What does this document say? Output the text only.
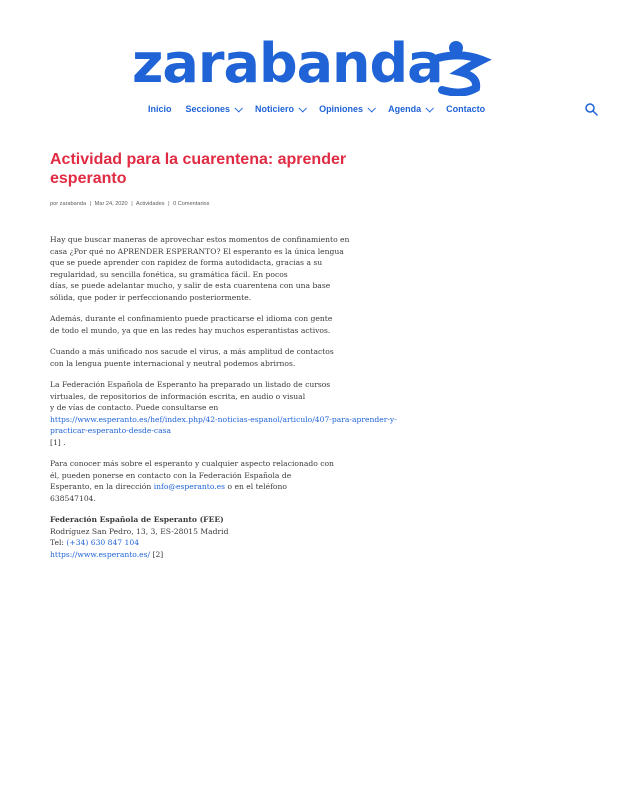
zarabanda
Inicio Secciones	Noticiero	Opiniones	Agenda	Contacto
Actividad para la cuarentena: aprender esperanto
por zarabanda | Mar 24, 2020 | Actividades | 0 Comentarios
Hay que buscar maneras de aprovechar estos momentos de confinamiento en
casa ¿Por qué no APRENDER ESPERANTO? El esperanto es la única lengua
que se puede aprender con rapidez de forma autodidacta, gracias a su
regularidad, su sencilla fonética, su gramática fácil. En pocos
días, se puede adelantar mucho, y salir de esta cuarentena con una base
sólida, que poder ir perfeccionando posteriormente.
Además, durante el confinamiento puede practicarse el idioma con gente
de todo el mundo, ya que en las redes hay muchos esperantistas activos.
Cuando a más unificado nos sacude el virus, a más amplitud de contactos
con la lengua puente internacional y neutral podemos abrirnos.
La Federación Española de Esperanto ha preparado un listado de cursos
virtuales, de repositorios de información escrita, en audio o visual
y de vías de contacto. Puede consultarse en
https://www.esperanto.es/hef/index.php/42-noticias-espanol/articulo/407-para-aprender-y-
practicar-esperanto-desde-casa
[1] .
Para conocer más sobre el esperanto y cualquier aspecto relacionado con
él, pueden ponerse en contacto con la Federación Española de
Esperanto, en la dirección info@esperanto.es o en el teléfono
638547104.
Federación Española de Esperanto (FEE)
Rodríguez San Pedro, 13, 3, ES-28015 Madrid
Tel: (+34) 630 847 104
https://www.esperanto.es/ [2]
